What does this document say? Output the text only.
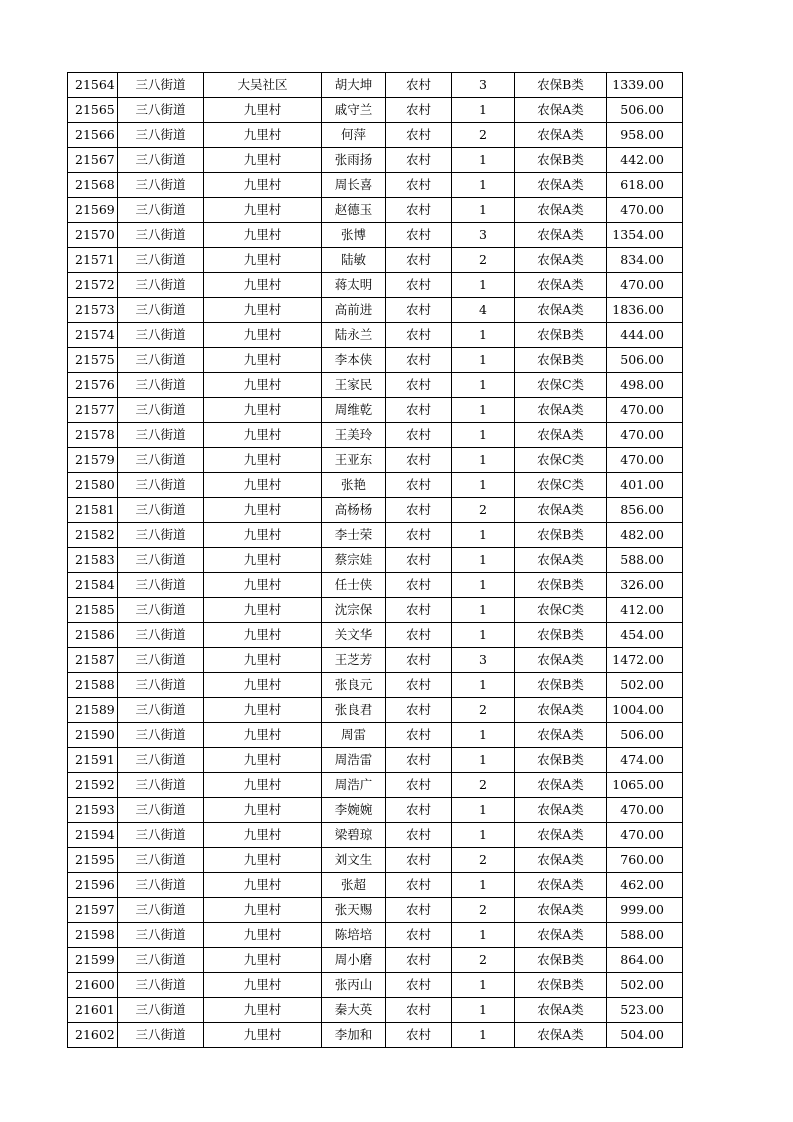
21564	三八街道	大吴社区	胡大坤	农村	3	农保B类	1339.00
21565	三八街道	九里村	戚守兰	农村	1	农保A类	506.00
21566	三八街道	九里村	何萍	农村	2	农保A类	958.00
21567	三八街道	九里村	张雨扬	农村	1	农保B类	442.00
21568	三八街道	九里村	周长喜	农村	1	农保A类	618.00
21569	三八街道	九里村	赵德玉	农村	1	农保A类	470.00
21570	三八街道	九里村	张博	农村	3	农保A类	1354.00
21571	三八街道	九里村	陆敏	农村	2	农保A类	834.00
21572	三八街道	九里村	蒋太明	农村	1	农保A类	470.00
21573	三八街道	九里村	高前进	农村	4	农保A类	1836.00
21574	三八街道	九里村	陆永兰	农村	1	农保B类	444.00
21575	三八街道	九里村	李本侠	农村	1	农保B类	506.00
21576	三八街道	九里村	王家民	农村	1	农保C类	498.00
21577	三八街道	九里村	周维乾	农村	1	农保A类	470.00
21578	三八街道	九里村	王美玲	农村	1	农保A类	470.00
21579	三八街道	九里村	王亚东	农村	1	农保C类	470.00
21580	三八街道	九里村	张艳	农村	1	农保C类	401.00
21581	三八街道	九里村	高杨杨	农村	2	农保A类	856.00
21582	三八街道	九里村	李士荣	农村	1	农保B类	482.00
21583	三八街道	九里村	蔡宗娃	农村	1	农保A类	588.00
21584	三八街道	九里村	任士侠	农村	1	农保B类	326.00
21585	三八街道	九里村	沈宗保	农村	1	农保C类	412.00
21586	三八街道	九里村	关文华	农村	1	农保B类	454.00
21587	三八街道	九里村	王芝芳	农村	3	农保A类	1472.00
21588	三八街道	九里村	张良元	农村	1	农保B类	502.00
21589	三八街道	九里村	张良君	农村	2	农保A类	1004.00
21590	三八街道	九里村	周雷	农村	1	农保A类	506.00
21591	三八街道	九里村	周浩雷	农村	1	农保B类	474.00
21592	三八街道	九里村	周浩广	农村	2	农保A类	1065.00
21593	三八街道	九里村	李婉婉	农村	1	农保A类	470.00
21594	三八街道	九里村	梁碧琼	农村	1	农保A类	470.00
21595	三八街道	九里村	刘文生	农村	2	农保A类	760.00
21596	三八街道	九里村	张超	农村	1	农保A类	462.00
21597	三八街道	九里村	张天赐	农村	2	农保A类	999.00
21598	三八街道	九里村	陈培培	农村	1	农保A类	588.00
21599	三八街道	九里村	周小磨	农村	2	农保B类	864.00
21600	三八街道	九里村	张丙山	农村	1	农保B类	502.00
21601	三八街道	九里村	秦大英	农村	1	农保A类	523.00
21602	三八街道	九里村	李加和	农村	1	农保A类	504.00
